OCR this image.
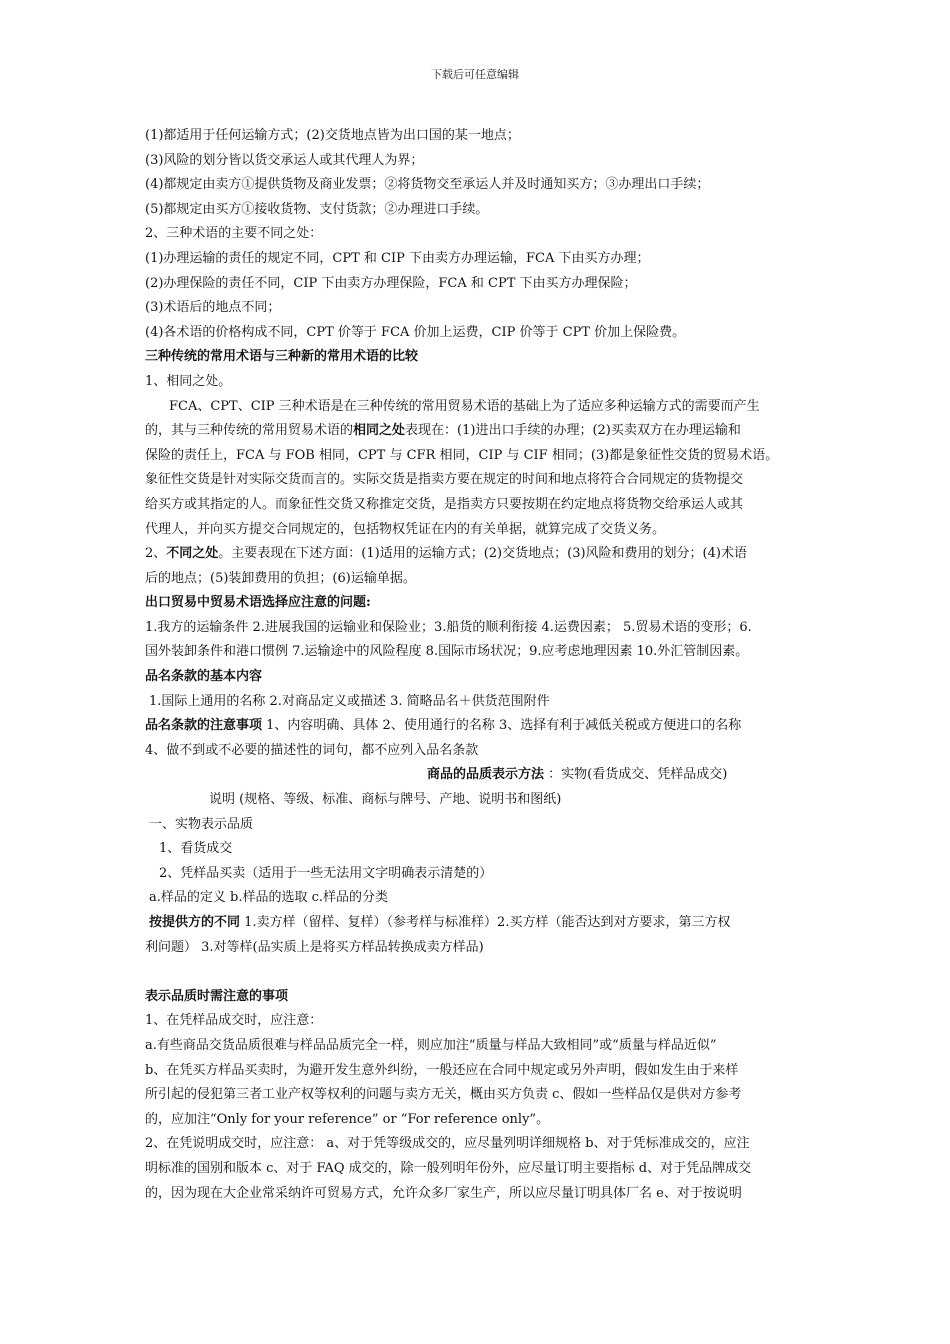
下载后可任意编辑
(1)都适用于任何运输方式；(2)交货地点皆为出口国的某一地点；
(3)风险的划分皆以货交承运人或其代理人为界；
(4)都规定由卖方①提供货物及商业发票；②将货物交至承运人并及时通知买方；③办理出口手续；
(5)都规定由买方①接收货物、支付货款；②办理进口手续。
2、三种术语的主要不同之处：
(1)办理运输的责任的规定不同，CPT 和 CIP 下由卖方办理运输，FCA 下由买方办理；
(2)办理保险的责任不同，CIP 下由卖方办理保险，FCA 和 CPT 下由买方办理保险；
(3)术语后的地点不同；
(4)各术语的价格构成不同，CPT 价等于 FCA 价加上运费，CIP 价等于 CPT 价加上保险费。
三种传统的常用术语与三种新的常用术语的比较
1、相同之处。
FCA、CPT、CIP 三种术语是在三种传统的常用贸易术语的基础上为了适应多种运输方式的需要而产生
的，其与三种传统的常用贸易术语的相同之处表现在：(1)进出口手续的办理；(2)买卖双方在办理运输和
保险的责任上，FCA 与 FOB 相同，CPT 与 CFR 相同，CIP 与 CIF 相同；(3)都是象征性交货的贸易术语。
象征性交货是针对实际交货而言的。实际交货是指卖方要在规定的时间和地点将符合合同规定的货物提交
给买方或其指定的人。而象征性交货又称推定交货，是指卖方只要按期在约定地点将货物交给承运人或其
代理人，并向买方提交合同规定的，包括物权凭证在内的有关单据，就算完成了交货义务。
2、不同之处。主要表现在下述方面：(1)适用的运输方式；(2)交货地点；(3)风险和费用的划分；(4)术语
后的地点；(5)装卸费用的负担；(6)运输单据。
出口贸易中贸易术语选择应注意的问题:
1.我方的运输条件 2.进展我国的运输业和保险业；3.船货的顺利衔接 4.运费因素； 5.贸易术语的变形；6.
国外装卸条件和港口惯例 7.运输途中的风险程度 8.国际市场状况；9.应考虑地理因素 10.外汇管制因素。
品名条款的基本内容
1.国际上通用的名称 2.对商品定义或描述 3. 简略品名＋供货范围附件
品名条款的注意事项 1、内容明确、具体 2、使用通行的名称 3、选择有利于减低关税或方便进口的名称
4、做不到或不必要的描述性的词句，都不应列入品名条款
商品的品质表示方法 ：实物(看货成交、凭样品成交)
说明 (规格、等级、标准、商标与牌号、产地、说明书和图纸)
一、实物表示品质
1、看货成交
2、凭样品买卖（适用于一些无法用文字明确表示清楚的）
a.样品的定义 b.样品的选取 c.样品的分类
按提供方的不同 1.卖方样（留样、复样）（参考样与标准样）2.买方样（能否达到对方要求，第三方权
利问题） 3.对等样(品实质上是将买方样品转换成卖方样品)
表示品质时需注意的事项
1、在凭样品成交时，应注意：
a.有些商品交货品质很难与样品品质完全一样，则应加注“质量与样品大致相同”或“质量与样品近似”
b、在凭买方样品买卖时，为避开发生意外纠纷，一般还应在合同中规定或另外声明，假如发生由于来样
所引起的侵犯第三者工业产权等权利的问题与卖方无关，概由买方负责 c、假如一些样品仅是供对方参考
的，应加注“Only for your reference” or “For reference only”。
2、在凭说明成交时，应注意： a、对于凭等级成交的，应尽量列明详细规格 b、对于凭标准成交的，应注
明标准的国别和版本 c、对于 FAQ 成交的，除一般列明年份外，应尽量订明主要指标 d、对于凭品牌成交
的，因为现在大企业常采纳许可贸易方式，允许众多厂家生产，所以应尽量订明具体厂名 e、对于按说明
